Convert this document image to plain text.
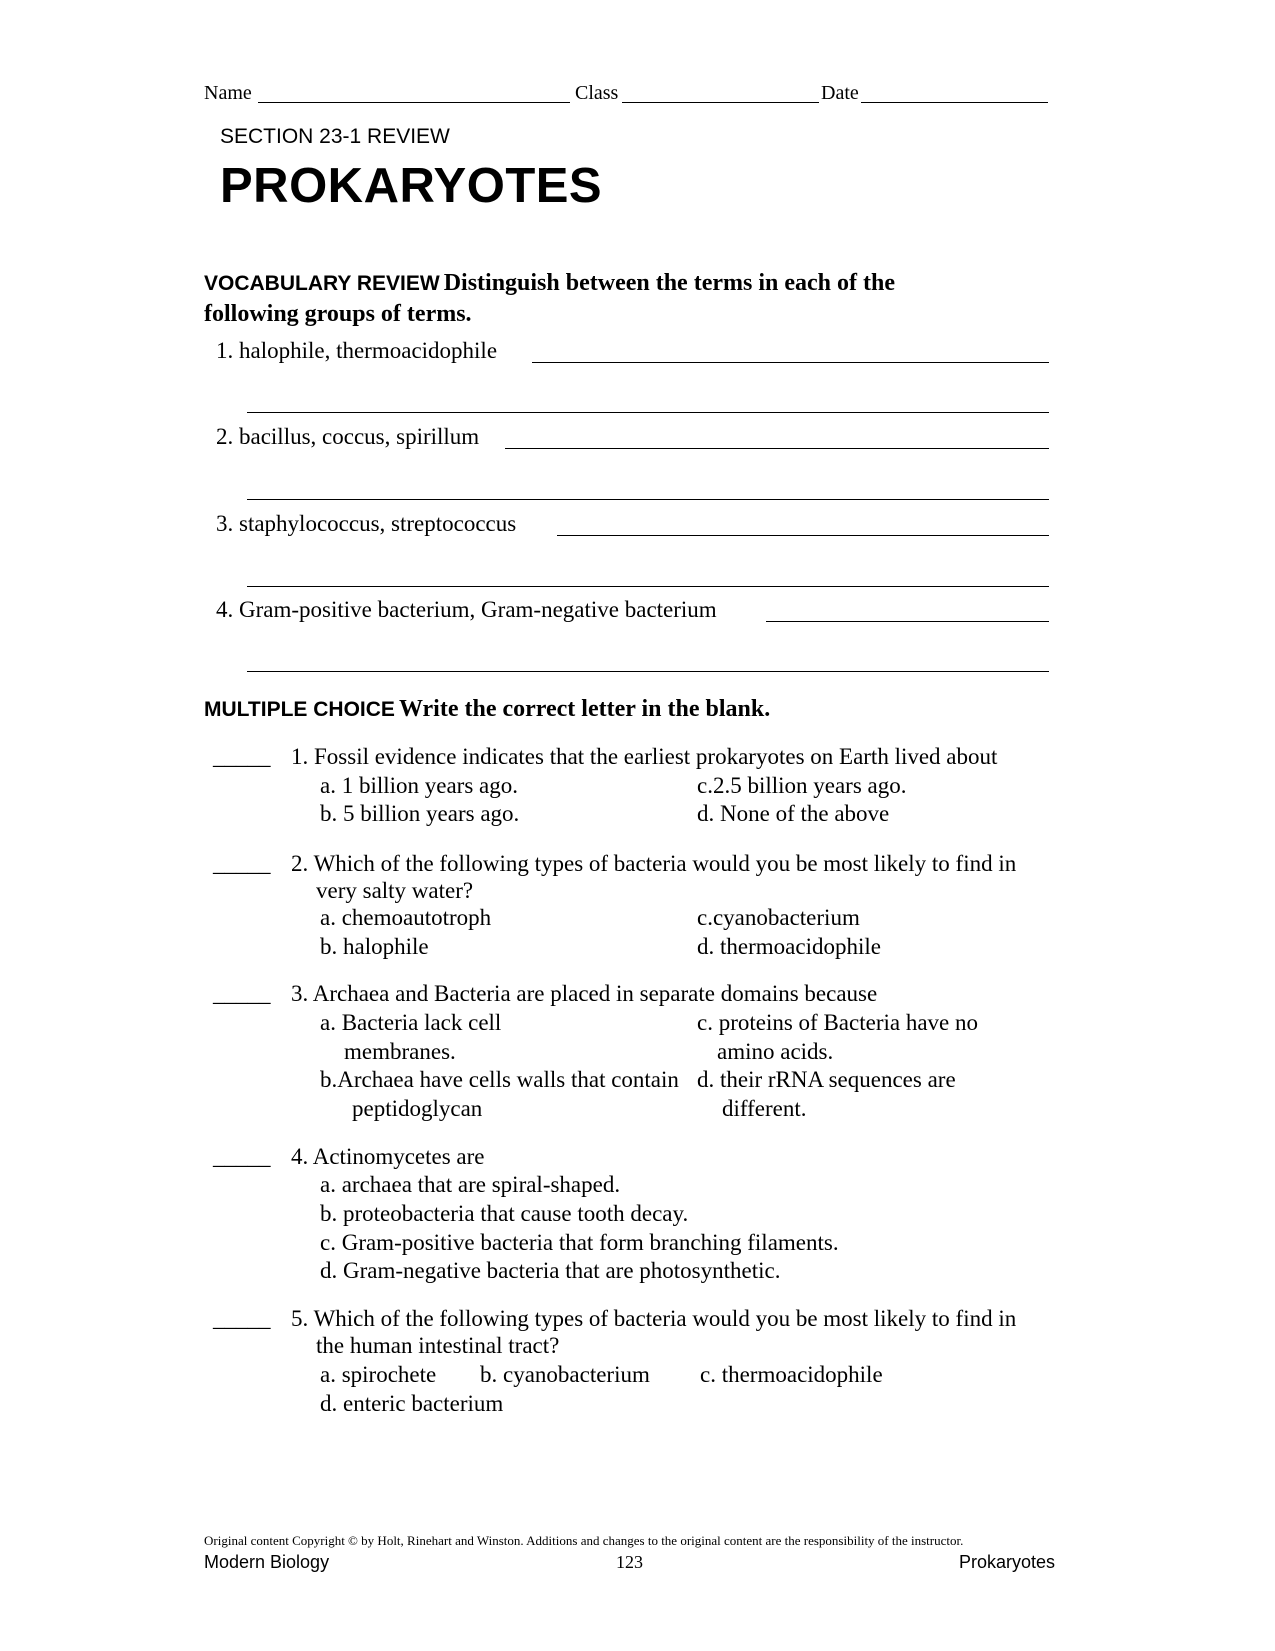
Name	Class	Date
SECTION 23-1 REVIEW
PROKARYOTES
VOCABULARY REVIEW Distinguish between the terms in each of the
following groups of terms.
1. halophile, thermoacidophile
2. bacillus, coccus, spirillum
3. staphylococcus, streptococcus
4. Gram-positive bacterium, Gram-negative bacterium
MULTIPLE CHOICE Write the correct letter in the blank.
_____ 1. Fossil evidence indicates that the earliest prokaryotes on Earth lived about
a. 1 billion years ago.	c.2.5 billion years ago.
b. 5 billion years ago.	d. None of the above
_____ 2. Which of the following types of bacteria would you be most likely to find in
very salty water?
a. chemoautotroph	c.cyanobacterium
b. halophile	d. thermoacidophile
_____ 3. Archaea and Bacteria are placed in separate domains because
a. Bacteria lack cell	c. proteins of Bacteria have no
membranes.	amino acids.
b.Archaea have cells walls that contain d. their rRNA sequences are
peptidoglycan	different.
_____ 4. Actinomycetes are
a. archaea that are spiral-shaped.
b. proteobacteria that cause tooth decay.
c. Gram-positive bacteria that form branching filaments.
d. Gram-negative bacteria that are photosynthetic.
_____ 5. Which of the following types of bacteria would you be most likely to find in
the human intestinal tract?
a. spirochete b. cyanobacterium c. thermoacidophile
d. enteric bacterium
Original content Copyright © by Holt, Rinehart and Winston. Additions and changes to the original content are the responsibility of the instructor.
Modern Biology	123	Prokaryotes
